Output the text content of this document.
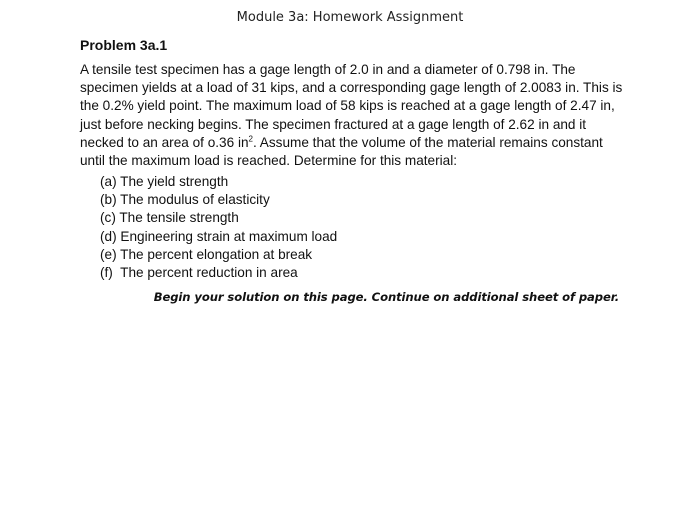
Module 3a: Homework Assignment
Problem 3a.1
A tensile test specimen has a gage length of 2.0 in and a diameter of 0.798 in. The specimen yields at a load of 31 kips, and a corresponding gage length of 2.0083 in. This is the 0.2% yield point. The maximum load of 58 kips is reached at a gage length of 2.47 in, just before necking begins. The specimen fractured at a gage length of 2.62 in and it necked to an area of o.36 $in^2$. Assume that the volume of the material remains constant until the maximum load is reached. Determine for this material:
(a) The yield strength
(b) The modulus of elasticity
(c) The tensile strength
(d) Engineering strain at maximum load
(e) The percent elongation at break
(f)  The percent reduction in area
Begin your solution on this page. Continue on additional sheet of paper.
